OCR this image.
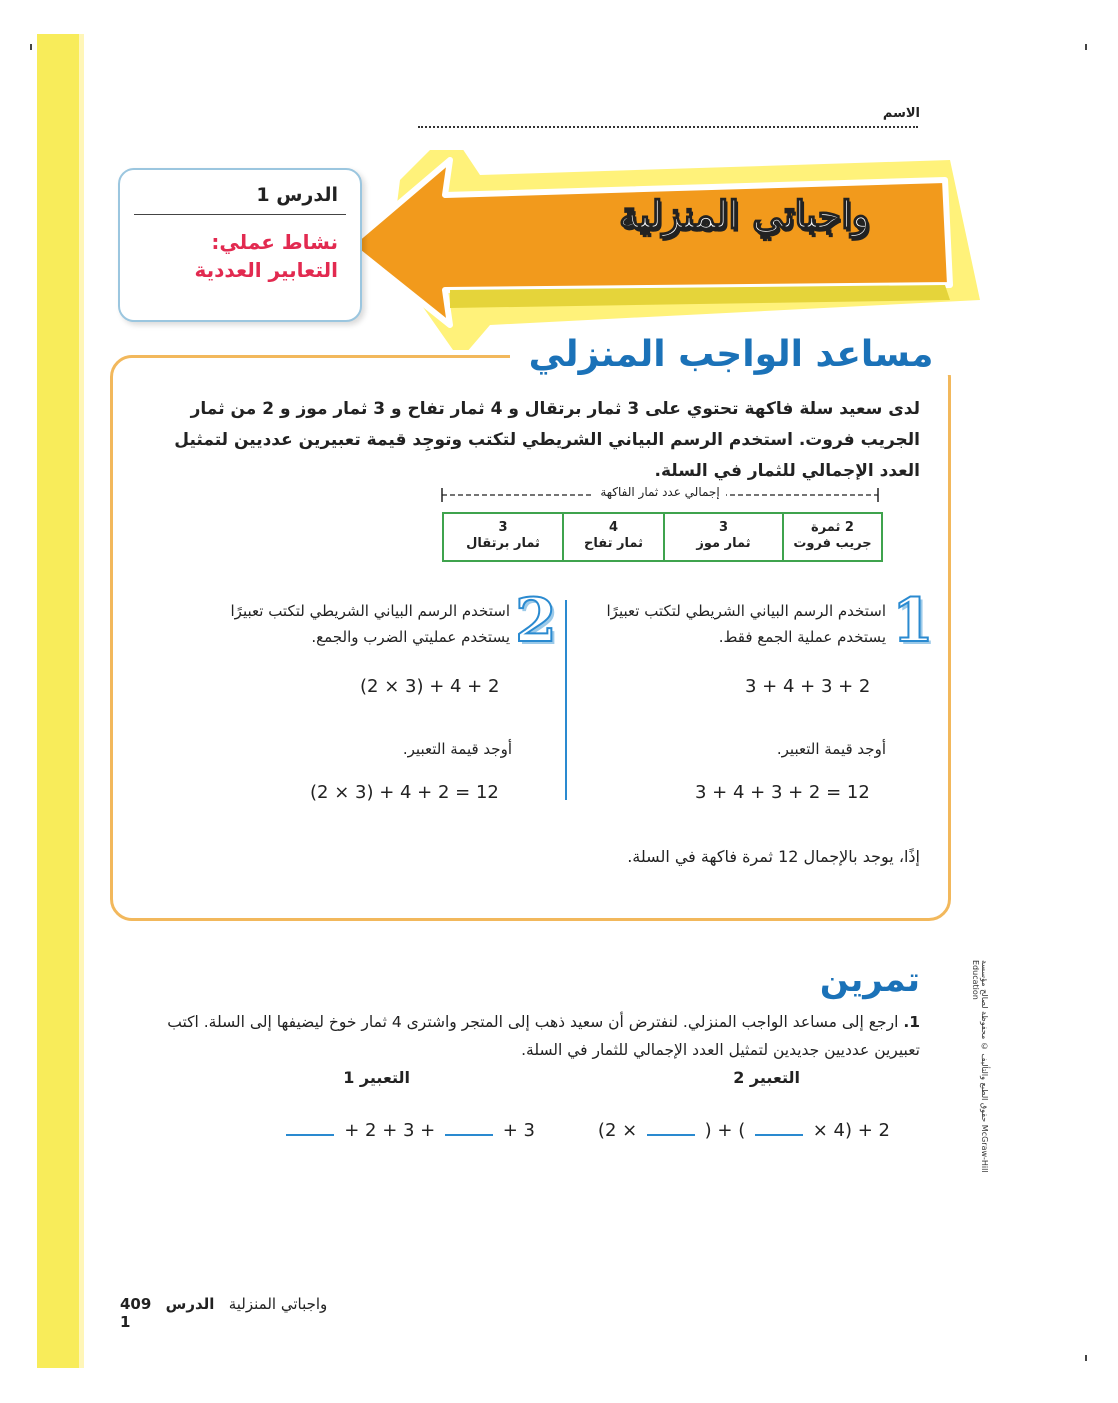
الاسم
واجباتي المنزلية
الدرس 1
نشاط عملي:
التعابير العددية
مساعد الواجب المنزلي
لدى سعيد سلة فاكهة تحتوي على 3 ثمار برتقال و 4 ثمار تفاح و 3 ثمار موز و 2 من ثمار الجريب فروت. استخدم الرسم البياني الشريطي لتكتب وتوجِد قيمة تعبيرين عدديين لتمثيل العدد الإجمالي للثمار في السلة.
إجمالي عدد ثمار الفاكهة
2 ثمرة
جريب فروت
3
ثمار موز
4
ثمار تفاح
3
ثمار برتقال
1
استخدم الرسم البياني الشريطي لتكتب تعبيرًا يستخدم عملية الجمع فقط.
3 + 4 + 3 + 2
أوجد قيمة التعبير.
3 + 4 + 3 + 2 = 12
2
استخدم الرسم البياني الشريطي لتكتب تعبيرًا يستخدم عمليتي الضرب والجمع.
(2 × 3) + 4 + 2
أوجد قيمة التعبير.
(2 × 3) + 4 + 2 = 12
إذًا، يوجد بالإجمال 12 ثمرة فاكهة في السلة.
تمرين
1. ارجع إلى مساعد الواجب المنزلي. لنفترض أن سعيد ذهب إلى المتجر واشترى 4 ثمار خوخ ليضيفها إلى السلة. اكتب تعبيرين عدديين جديدين لتمثيل العدد الإجمالي للثمار في السلة.
التعبير 2
التعبير 1
2 + (4 ×  ) + (  × 2)
3 +  + 3 + 2 +
حقوق الطبع والتأليف © محفوظة لصالح مؤسسة McGraw-Hill Education
409	واجباتي المنزلية   الدرس 1
